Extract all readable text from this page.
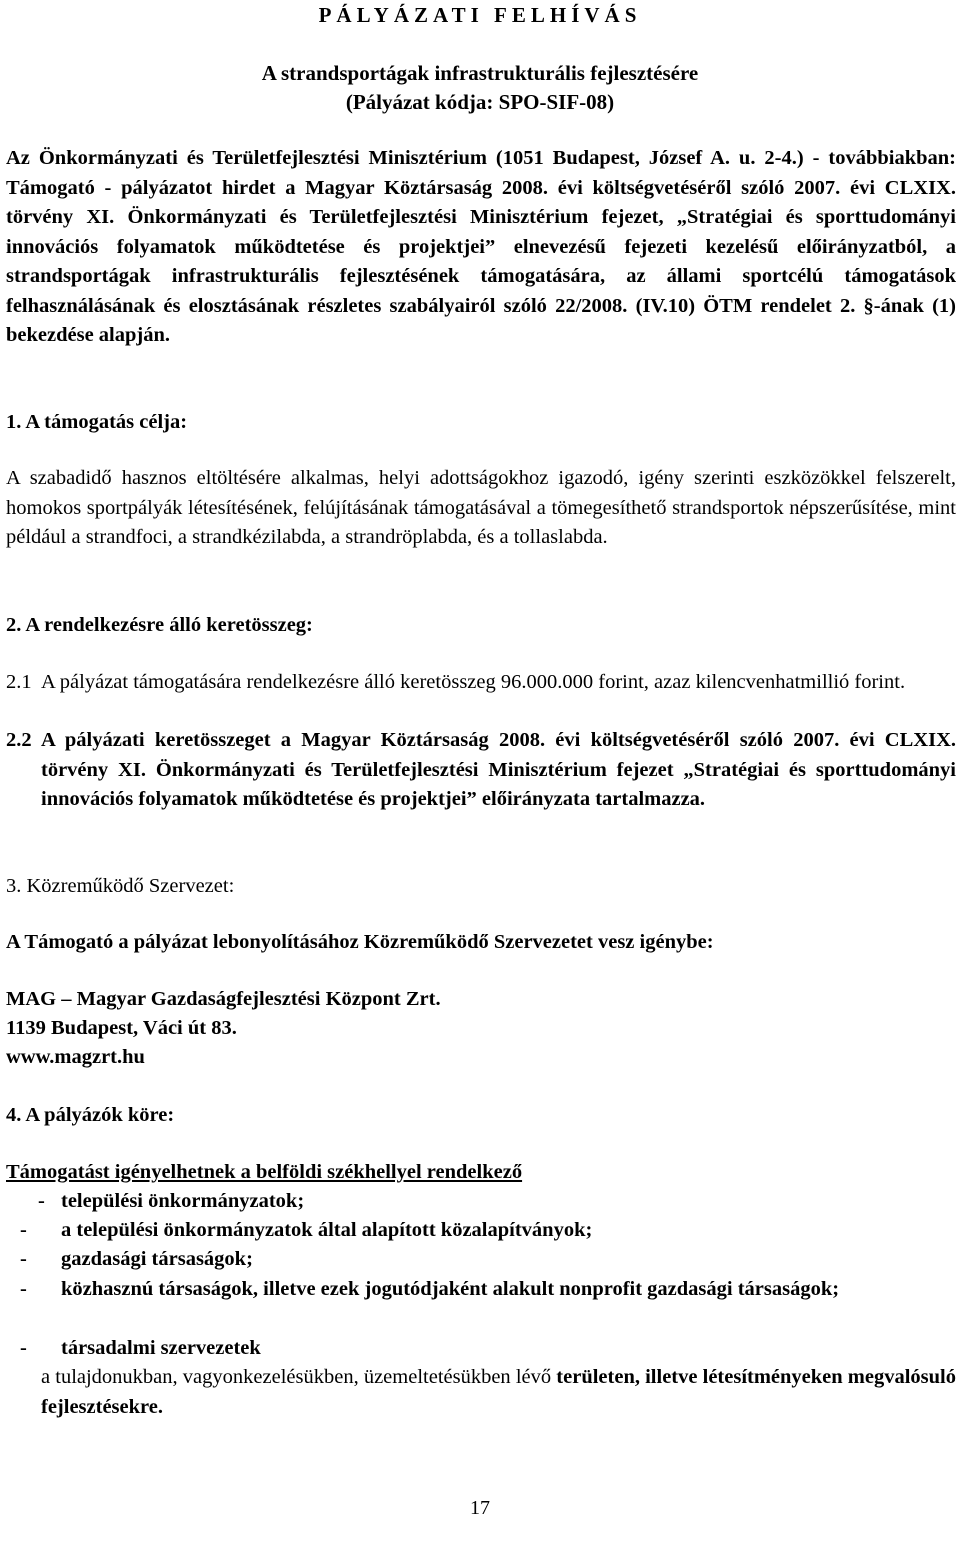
PÁLYÁZATI FELHÍVÁS
A strandsportágak infrastrukturális fejlesztésére
(Pályázat kódja: SPO-SIF-08)
Az Önkormányzati és Területfejlesztési Minisztérium (1051 Budapest, József A. u. 2-4.) - továbbiakban: Támogató - pályázatot hirdet a Magyar Köztársaság 2008. évi költségvetéséről szóló 2007. évi CLXIX. törvény XI. Önkormányzati és Területfejlesztési Minisztérium fejezet, „Stratégiai és sporttudományi innovációs folyamatok működtetése és projektjei” elnevezésű fejezeti kezelésű előirányzatból, a strandsportágak infrastrukturális fejlesztésének támogatására, az állami sportcélú támogatások felhasználásának és elosztásának részletes szabályairól szóló 22/2008. (IV.10) ÖTM rendelet 2. §-ának (1) bekezdése alapján.
1. A támogatás célja:
A szabadidő hasznos eltöltésére alkalmas, helyi adottságokhoz igazodó, igény szerinti eszközökkel felszerelt, homokos sportpályák létesítésének, felújításának támogatásával a tömegesíthető strandsportok népszerűsítése, mint például a strandfoci, a strandkézilabda, a strandröplabda, és a tollaslabda.
2. A rendelkezésre álló keretösszeg:
2.1 A pályázat támogatására rendelkezésre álló keretösszeg 96.000.000 forint, azaz kilencvenhatmillió forint.
2.2 A pályázati keretösszeget a Magyar Köztársaság 2008. évi költségvetéséről szóló 2007. évi CLXIX. törvény XI. Önkormányzati és Területfejlesztési Minisztérium fejezet „Stratégiai és sporttudományi innovációs folyamatok működtetése és projektjei” előirányzata tartalmazza.
3. Közreműködő Szervezet:
A Támogató a pályázat lebonyolításához Közreműködő Szervezetet vesz igénybe:
MAG – Magyar Gazdaságfejlesztési Központ Zrt.
1139 Budapest, Váci út 83.
www.magzrt.hu
4. A pályázók köre:
Támogatást igényelhetnek a belföldi székhellyel rendelkező
- települési önkormányzatok;
-	a települési önkormányzatok által alapított közalapítványok;
-	gazdasági társaságok;
-	közhasznú társaságok, illetve ezek jogutódjaként alakult nonprofit gazdasági társaságok;
-	társadalmi szervezetek
a tulajdonukban, vagyonkezelésükben, üzemeltetésükben lévő területen, illetve létesítményeken megvalósuló fejlesztésekre.
17
